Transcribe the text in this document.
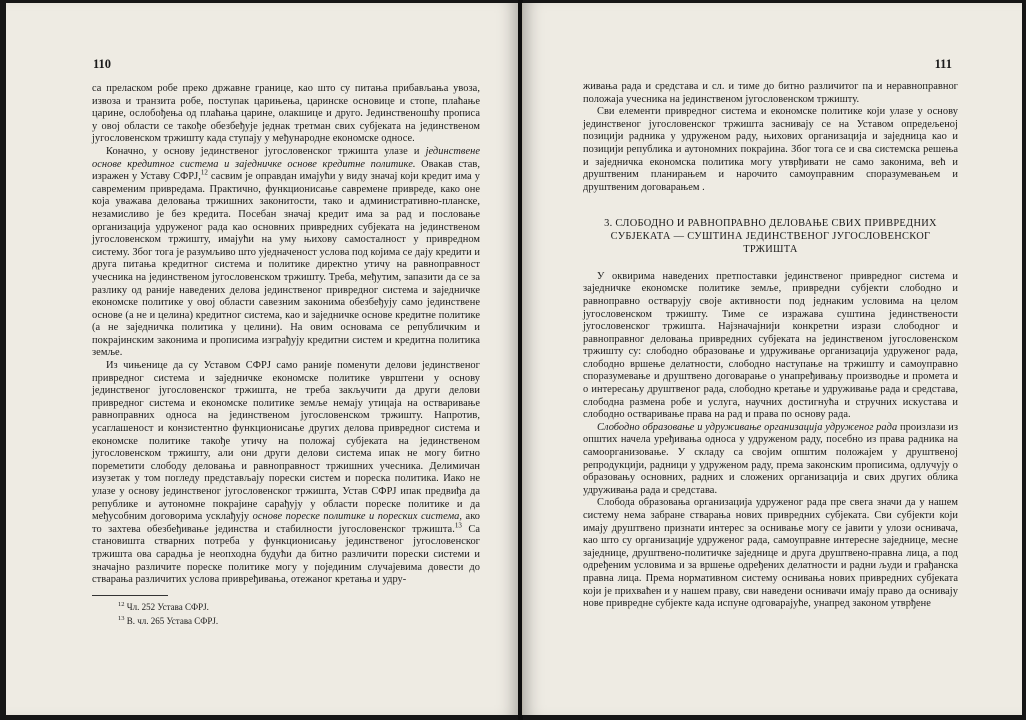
110

са преласком робе преко државне границе, као што су питања прибављања увоза, извоза и транзита робе, поступак царињења, царинске основице и стопе, плаћање царине, ослобођења од плаћања царине, олакшице и друго. Јединственошћу прописа у овој области се такође обезбеђује једнак третман свих субјеката на јединственом југословенском тржишту када ступају у међународне економске односе.

Коначно, у основу јединственог југословенског тржишта улазе и јединствене основе кредитног система и заједничке основе кредитне политике. Овакав став, изражен у Уставу СФРЈ,$^{12}$ сасвим је оправдан имајући у виду значај који кредит има у савременим привредама. Практично, функционисање савремене привреде, како оне која уважава деловања тржишних законитости, тако и административно-планске, незамисливо је без кредита. Посебан значај кредит има за рад и пословање организација удружeног рада као основних привредних субјеката на јединственом југословенском тржишту, имајући на уму њихову самосталност у привредном систему. Због тога је разумљиво што уједначеност услова под којима се дају кредити и друга питања кредитног система и политике директно утичу на равноправност учесника на јединственом југословенском тржишту. Треба, међутим, запазити да се за разлику од раније наведених делова јединственог привредног система и заједничке економске политике у овој области савезним законима обезбеђују само јединствене основе (а не и целина) кредитног система, као и заједничке основе кредитне политике (а не заједничка политика у целини). На овим основама се републичким и покрајинским законима и прописима изграђују кредитни систем и кредитна политика земље.

Из чињенице да су Уставом СФРЈ само раније поменути делови јединственог привредног система и заједничке економске политике уврштени у основу јединственог југословенског тржишта, не треба закључити да други делови привредног система и економске политике земље немају утицаја на остваривање равноправних односа на јединственом југословенском тржишту. Напротив, усаглашеност и конзистентно функционисање других делова привредног система и економске политике такође утичу на положај субјеката на јединственом југословенском тржишту, али они други делови система ипак не могу битно пореметити слободу деловања и равноправност тржишних учесника. Делимичан изузетак у том погледу представљају порески систем и пореска политика. Иако не улазе у основу јединственог југословенског тржишта, Устав СФРЈ ипак предвиђа да републике и аутономне покрајине сарађују у области пореске политике и да међусобним договорима усклађују основе пореске политике и пореских система, ако то захтева обезбеђивање јединства и стабилности југословенског тржишта.$^{13}$ Са становишта стварних потреба у функционисању јединственог југословенског тржишта ова сарадња је неопходна будући да битно различити порески системи и значајно различите пореске политике могу у појединим случајевима довести до стварања различитих услова привређивања, отежаног кретања и удру-

$^{12}$ Чл. 252 Устава СФРЈ.
$^{13}$ В. чл. 265 Устава СФРЈ.
111

живања рада и средстава и сл. и тиме до битно различитог па и неравноправног положаја учесника на јединственом југословенском тржишту.

Сви елементи привредног система и економске политике који улазе у основу јединственог југословенског тржишта заснивају се на Уставом опредељеној позицији радника у удруженом раду, њихових организација и заједница као и позицији република и аутономних покрајина. Због тога се и сва системска решења и заједничка економска политика могу утврђивати не само законима, већ и друштвеним планирањем и нарочито самоуправним споразумевањем и друштвеним договарањем .

3. СЛОБОДНО И РАВНОПРАВНО ДЕЛОВАЊЕ СВИХ ПРИВРЕДНИХ СУБЈЕКАТА — СУШТИНА ЈЕДИНСТВЕНОГ ЈУГОСЛОВЕНСКОГ ТРЖИШТА

У оквирима наведених претпоставки јединственог привредног система и заједничке економске политике земље, привредни субјекти слободно и равноправно остварују своје активности под једнаким условима на целом југословенском тржишту. Тиме се изражава суштина јединствености југословенског тржишта. Најзначајнији конкретни изрази слободног и равноправног деловања привредних субјеката на јединственом југословенском тржишту су: слободно образовање и удруживање организација удруженог рада, слободно вршење делатности, слободно наступање на тржишту и самоуправно споразумевање и друштвено договарање о унапређивању производње и промета и о интересању друштвеног рада, слободно кретање и удруживање рада и средстава, слободна размена робе и услуга, научних достигнућа и стручних искустава и слободно остваривање права на рад и права по основу рада.

Слободно образовање и удруживање организација удруженог рада произлази из општих начела уређивања односа у удруженом раду, посебно из права радника на самоорганизовање. У складу са својим општим положајем у друштвеној репродукцији, радници у удруженом раду, према законским прописима, одлучују о образовању основних, радних и сложених организација и свих других облика удруживања рада и средстава.

Слобода образовања организација удруженог рада пре свега значи да у нашем систему нема забране стварања нових привредних субјеката. Сви субјекти који имају друштвено признати интерес за оснивање могу се јавити у улози оснивача, као што су организације удруженог рада, самоуправне интересне заједнице, месне заједнице, друштвено-политичке заједнице и друга друштвено-правна лица, а под одређеним условима и за вршење одређених делатности и радни људи и грађанска правна лица. Према нормативном систему оснивања нових привредних субјеката који је прихваћен и у нашем праву, сви наведени оснивачи имају право да оснивају нове привредне субјекте када испуне одговарајуће, унапред законом утврђене
